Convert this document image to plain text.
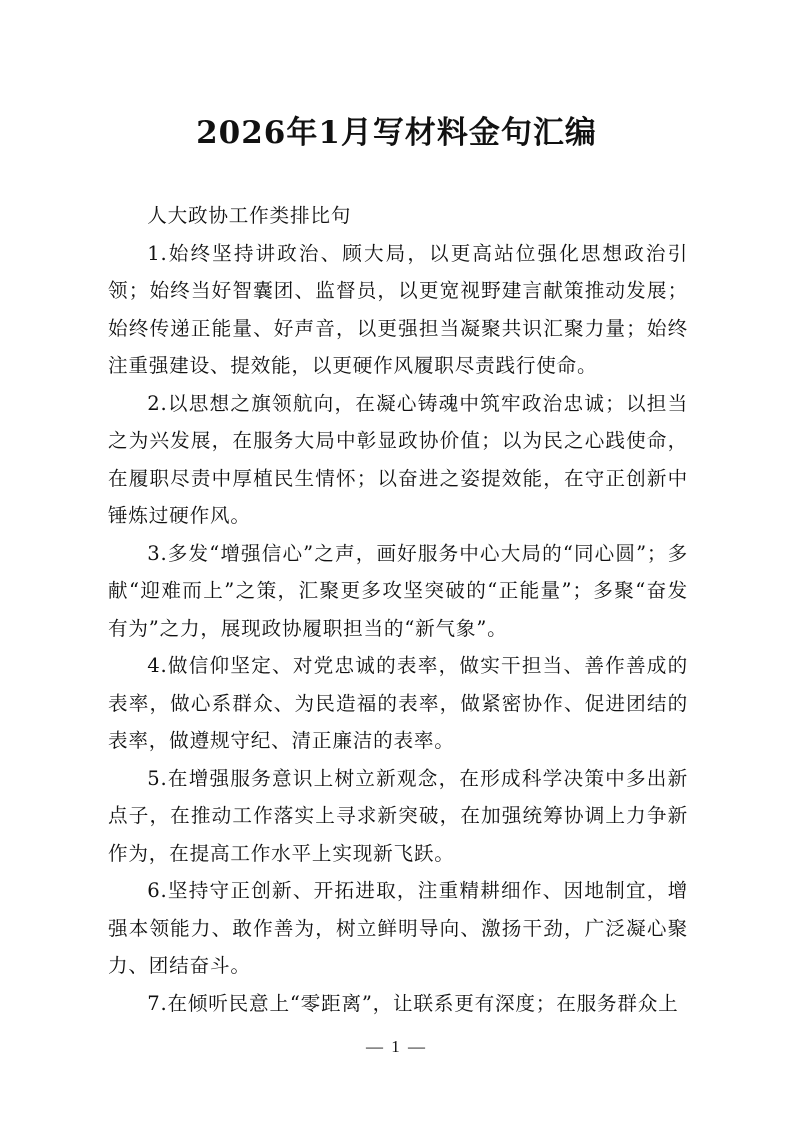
2026年1月写材料金句汇编

人大政协工作类排比句

1.始终坚持讲政治、顾大局，以更高站位强化思想政治引领；始终当好智囊团、监督员，以更宽视野建言献策推动发展；始终传递正能量、好声音，以更强担当凝聚共识汇聚力量；始终注重强建设、提效能，以更硬作风履职尽责践行使命。

2.以思想之旗领航向，在凝心铸魂中筑牢政治忠诚；以担当之为兴发展，在服务大局中彰显政协价值；以为民之心践使命，在履职尽责中厚植民生情怀；以奋进之姿提效能，在守正创新中锤炼过硬作风。

3.多发“增强信心”之声，画好服务中心大局的“同心圆”；多献“迎难而上”之策，汇聚更多攻坚突破的“正能量”；多聚“奋发有为”之力，展现政协履职担当的“新气象”。

4.做信仰坚定、对党忠诚的表率，做实干担当、善作善成的表率，做心系群众、为民造福的表率，做紧密协作、促进团结的表率，做遵规守纪、清正廉洁的表率。

5.在增强服务意识上树立新观念，在形成科学决策中多出新点子，在推动工作落实上寻求新突破，在加强统筹协调上力争新作为，在提高工作水平上实现新飞跃。

6.坚持守正创新、开拓进取，注重精耕细作、因地制宜，增强本领能力、敢作善为，树立鲜明导向、激扬干劲，广泛凝心聚力、团结奋斗。

7.在倾听民意上“零距离”，让联系更有深度；在服务群众上

— 1 —
